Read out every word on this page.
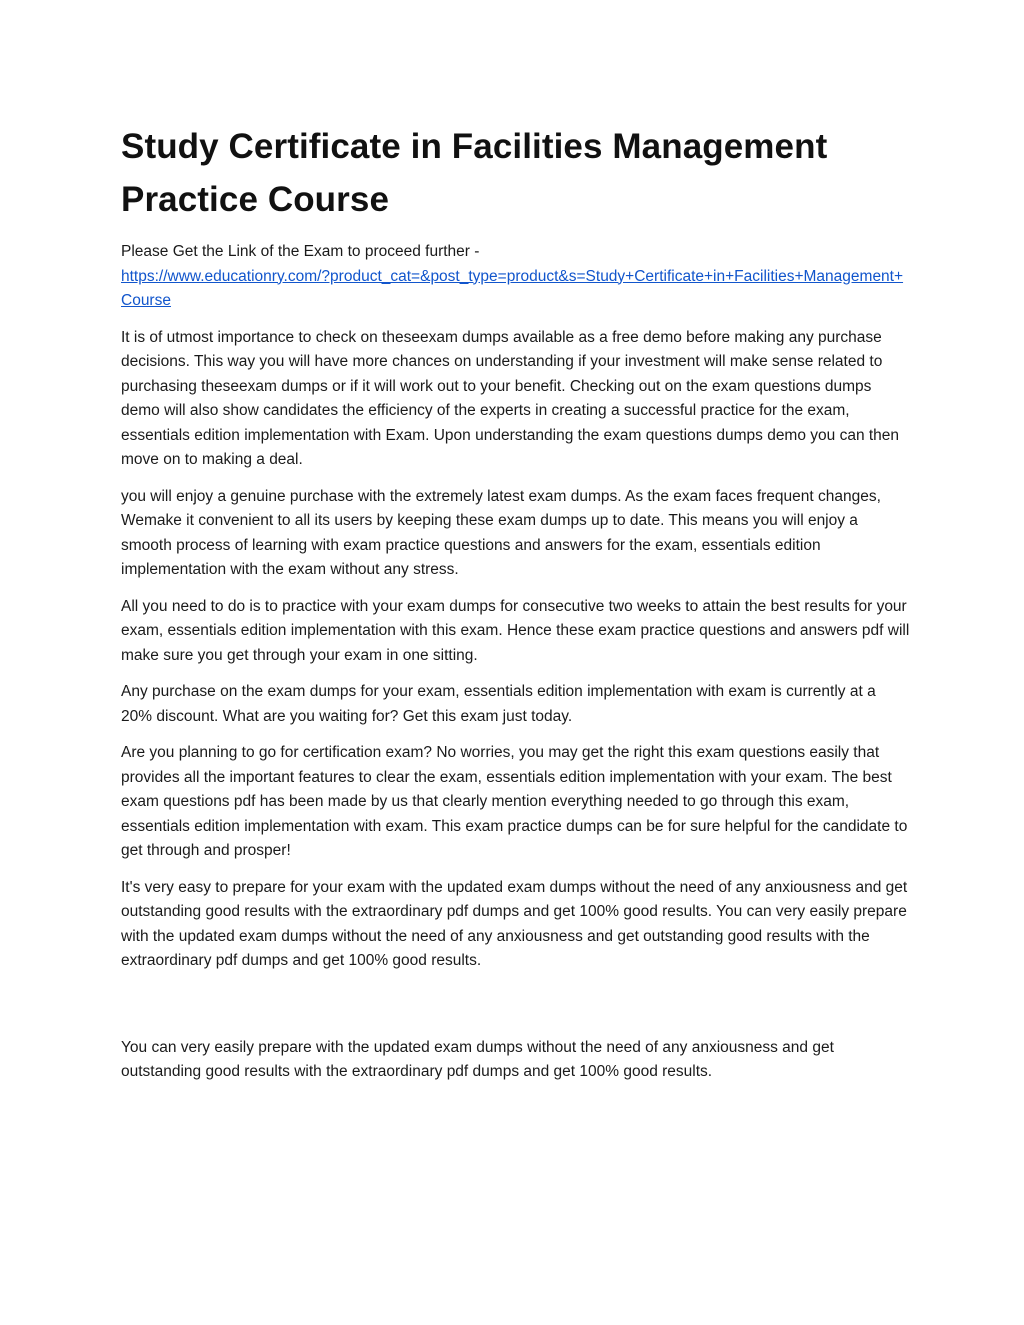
Study Certificate in Facilities Management Practice Course

Please Get the Link of the Exam to proceed further -
https://www.educationry.com/?product_cat=&post_type=product&s=Study+Certificate+in+Facilities+Management+Course

It is of utmost importance to check on theseexam dumps available as a free demo before making any purchase decisions. This way you will have more chances on understanding if your investment will make sense related to purchasing theseexam dumps or if it will work out to your benefit. Checking out on the exam questions dumps demo will also show candidates the efficiency of the experts in creating a successful practice for the exam, essentials edition implementation with Exam. Upon understanding the exam questions dumps demo you can then move on to making a deal.

you will enjoy a genuine purchase with the extremely latest exam dumps. As the exam faces frequent changes, Wemake it convenient to all its users by keeping these exam dumps up to date. This means you will enjoy a smooth process of learning with exam practice questions and answers for the exam, essentials edition implementation with the exam without any stress.

All you need to do is to practice with your exam dumps for consecutive two weeks to attain the best results for your exam, essentials edition implementation with this exam. Hence these exam practice questions and answers pdf will make sure you get through your exam in one sitting.

Any purchase on the exam dumps for your exam, essentials edition implementation with exam is currently at a 20% discount. What are you waiting for? Get this exam just today.

Are you planning to go for certification exam? No worries, you may get the right this exam questions easily that provides all the important features to clear the exam, essentials edition implementation with your exam. The best exam questions pdf has been made by us that clearly mention everything needed to go through this exam, essentials edition implementation with exam. This exam practice dumps can be for sure helpful for the candidate to get through and prosper!

It's very easy to prepare for your exam with the updated exam dumps without the need of any anxiousness and get outstanding good results with the extraordinary pdf dumps and get 100% good results. You can very easily prepare with the updated exam dumps without the need of any anxiousness and get outstanding good results with the extraordinary pdf dumps and get 100% good results.

You can very easily prepare with the updated exam dumps without the need of any anxiousness and get outstanding good results with the extraordinary pdf dumps and get 100% good results.
